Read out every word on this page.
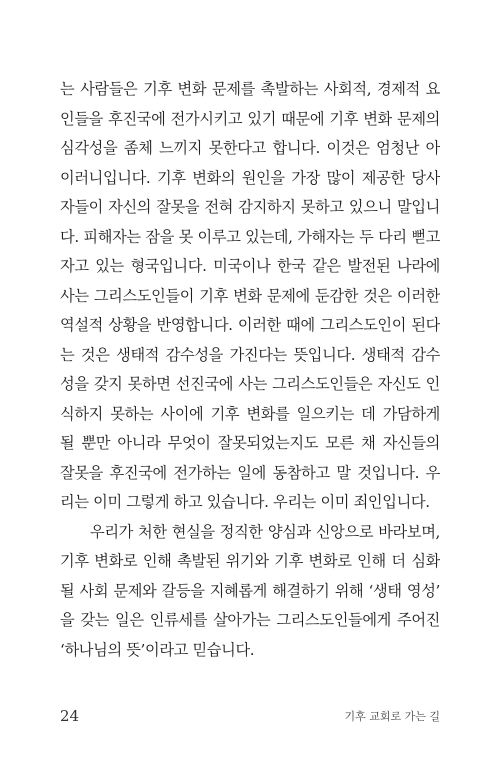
는 사람들은 기후 변화 문제를 촉발하는 사회적, 경제적 요
인들을 후진국에 전가시키고 있기 때문에 기후 변화 문제의
심각성을 좀체 느끼지 못한다고 합니다. 이것은 엄청난 아
이러니입니다. 기후 변화의 원인을 가장 많이 제공한 당사
자들이 자신의 잘못을 전혀 감지하지 못하고 있으니 말입니
다. 피해자는 잠을 못 이루고 있는데, 가해자는 두 다리 뻗고
자고 있는 형국입니다. 미국이나 한국 같은 발전된 나라에
사는 그리스도인들이 기후 변화 문제에 둔감한 것은 이러한
역설적 상황을 반영합니다. 이러한 때에 그리스도인이 된다
는 것은 생태적 감수성을 가진다는 뜻입니다. 생태적 감수
성을 갖지 못하면 선진국에 사는 그리스도인들은 자신도 인
식하지 못하는 사이에 기후 변화를 일으키는 데 가담하게
될 뿐만 아니라 무엇이 잘못되었는지도 모른 채 자신들의
잘못을 후진국에 전가하는 일에 동참하고 말 것입니다. 우
리는 이미 그렇게 하고 있습니다. 우리는 이미 죄인입니다.
우리가 처한 현실을 정직한 양심과 신앙으로 바라보며,
기후 변화로 인해 촉발된 위기와 기후 변화로 인해 더 심화
될 사회 문제와 갈등을 지혜롭게 해결하기 위해 ‘생태 영성’
을 갖는 일은 인류세를 살아가는 그리스도인들에게 주어진
‘하나님의 뜻’이라고 믿습니다.
24	기후 교회로 가는 길
